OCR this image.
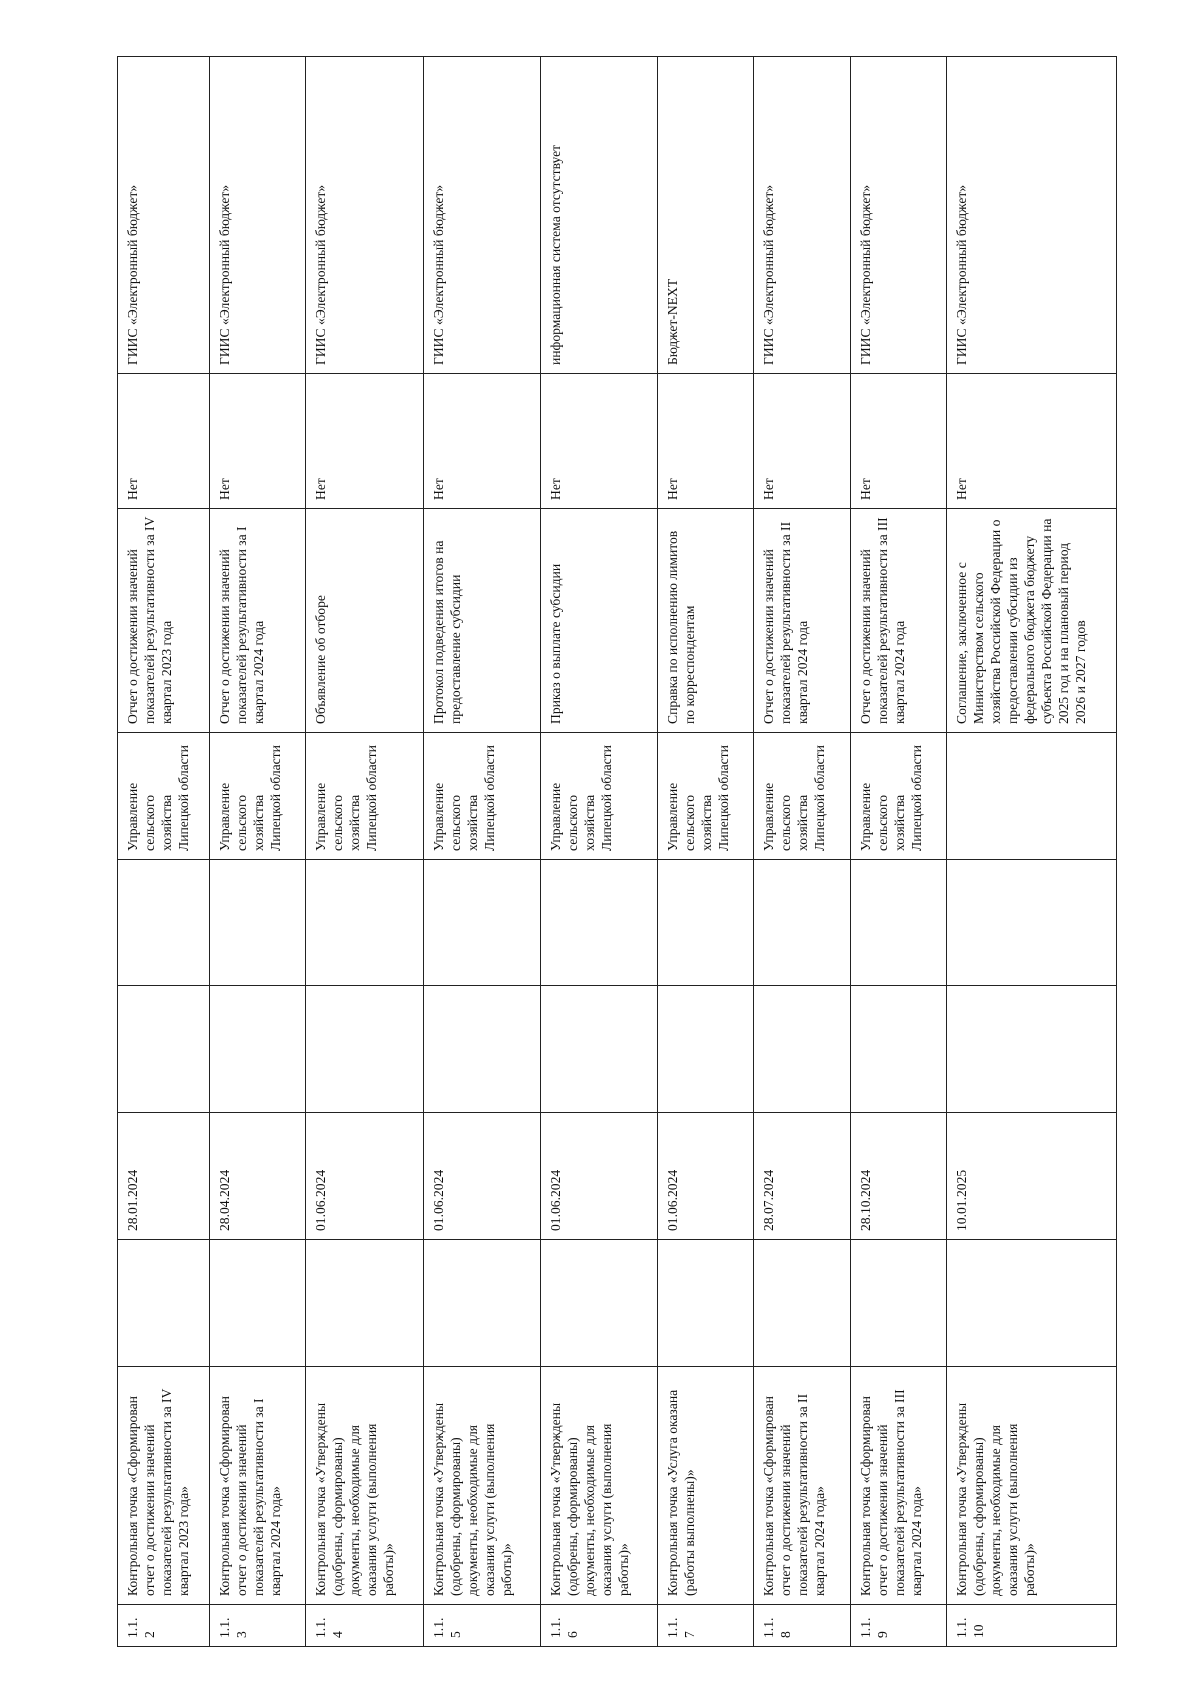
1.1.2	Контрольная точка «Сформирован отчет о достижении значений показателей результативности за IV квартал 2023 года»		28.01.2024			Управление сельского хозяйства Липецкой области	Отчет о достижении значений показателей результативности за IV квартал 2023 года	Нет	ГИИС «Электронный бюджет»
1.1.3	Контрольная точка «Сформирован отчет о достижении значений показателей результативности за I квартал 2024 года»		28.04.2024			Управление сельского хозяйства Липецкой области	Отчет о достижении значений показателей результативности за I квартал 2024 года	Нет	ГИИС «Электронный бюджет»
1.1.4	Контрольная точка «Утверждены (одобрены, сформированы) документы, необходимые для оказания услуги (выполнения работы)»		01.06.2024			Управление сельского хозяйства Липецкой области	Объявление об отборе	Нет	ГИИС «Электронный бюджет»
1.1.5	Контрольная точка «Утверждены (одобрены, сформированы) документы, необходимые для оказания услуги (выполнения работы)»		01.06.2024			Управление сельского хозяйства Липецкой области	Протокол подведения итогов на предоставление субсидии	Нет	ГИИС «Электронный бюджет»
1.1.6	Контрольная точка «Утверждены (одобрены, сформированы) документы, необходимые для оказания услуги (выполнения работы)»		01.06.2024			Управление сельского хозяйства Липецкой области	Приказ о выплате субсидии	Нет	информационная система отсутствует
1.1.7	Контрольная точка «Услуга оказана (работы выполнены)»		01.06.2024			Управление сельского хозяйства Липецкой области	Справка по исполнению лимитов по корреспондентам	Нет	Бюджет-NEXT
1.1.8	Контрольная точка «Сформирован отчет о достижении значений показателей результативности за II квартал 2024 года»		28.07.2024			Управление сельского хозяйства Липецкой области	Отчет о достижении значений показателей результативности за II квартал 2024 года	Нет	ГИИС «Электронный бюджет»
1.1.9	Контрольная точка «Сформирован отчет о достижении значений показателей результативности за III квартал 2024 года»		28.10.2024			Управление сельского хозяйства Липецкой области	Отчет о достижении значений показателей результативности за III квартал 2024 года	Нет	ГИИС «Электронный бюджет»
1.1.10	Контрольная точка «Утверждены (одобрены, сформированы) документы, необходимые для оказания услуги (выполнения работы)»		10.01.2025				Соглашение, заключенное с Министерством сельского хозяйства Российской Федерации о предоставлении субсидии из федерального бюджета бюджету субъекта Российской Федерации на 2025 год и на плановый период 2026 и 2027 годов	Нет	ГИИС «Электронный бюджет»
